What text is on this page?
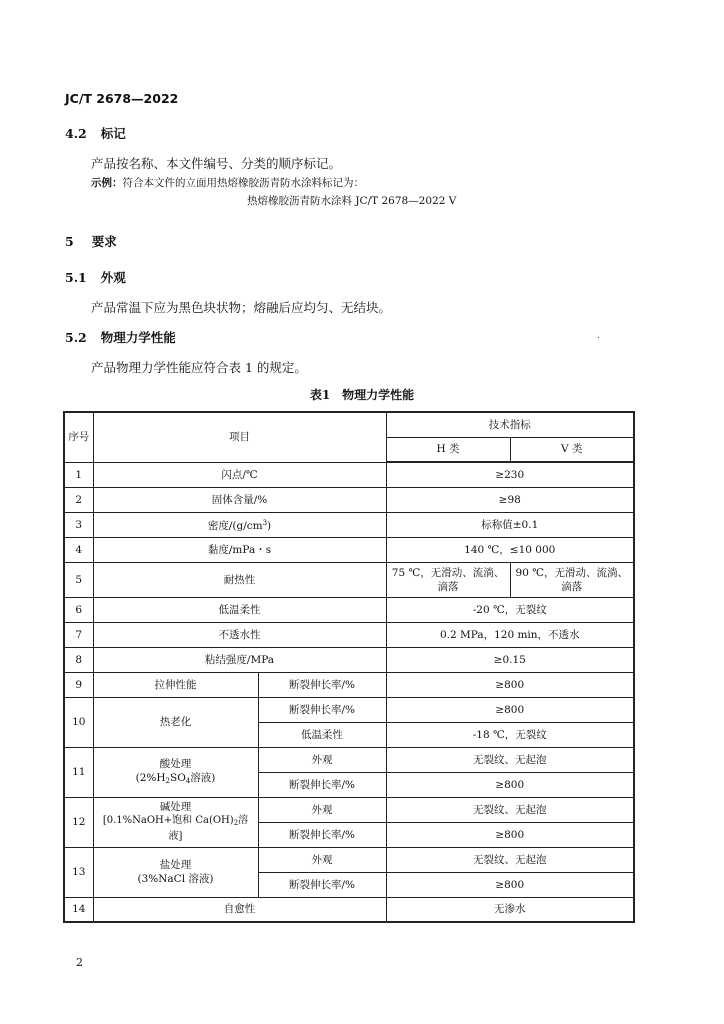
JC/T 2678—2022
4.2 标记
产品按名称、本文件编号、分类的顺序标记。
示例：符合本文件的立面用热熔橡胶沥青防水涂料标记为：
热熔橡胶沥青防水涂料 JC/T 2678—2022 V
5 要求
5.1 外观
产品常温下应为黑色块状物；熔融后应均匀、无结块。
5.2 物理力学性能	.
产品物理力学性能应符合表 1 的规定。
表1　物理力学性能
序号	项目		技术指标	
			H 类	V 类
1	闪点/℃		≥230	
2	固体含量/%		≥98	
3	密度$/(g/cm^3)$		标称值±0.1	
4	黏度/mPa・s		140 ℃，≤10 000	
5	耐热性		75 ℃，无滑动、流淌、滴落	90 ℃，无滑动、流淌、滴落
6	低温柔性		-20 ℃，无裂纹	
7	不透水性		0.2 MPa，120 min，不透水	
8	粘结强度/MPa		≥0.15	
9	拉伸性能	断裂伸长率/%	≥800	
10	热老化	断裂伸长率/%	≥800	
		低温柔性	-18 ℃，无裂纹	
11	酸处理
($2\%H_2SO_4$溶液)	外观	无裂纹、无起泡	
		断裂伸长率/%	≥800	
12	碱处理
[0.1%NaOH+饱和 $Ca(OH)_2$溶液]	外观	无裂纹、无起泡	
		断裂伸长率/%	≥800	
13	盐处理
(3%NaCl 溶液)	外观	无裂纹、无起泡	
		断裂伸长率/%	≥800	
14	自愈性		无渗水	
2
